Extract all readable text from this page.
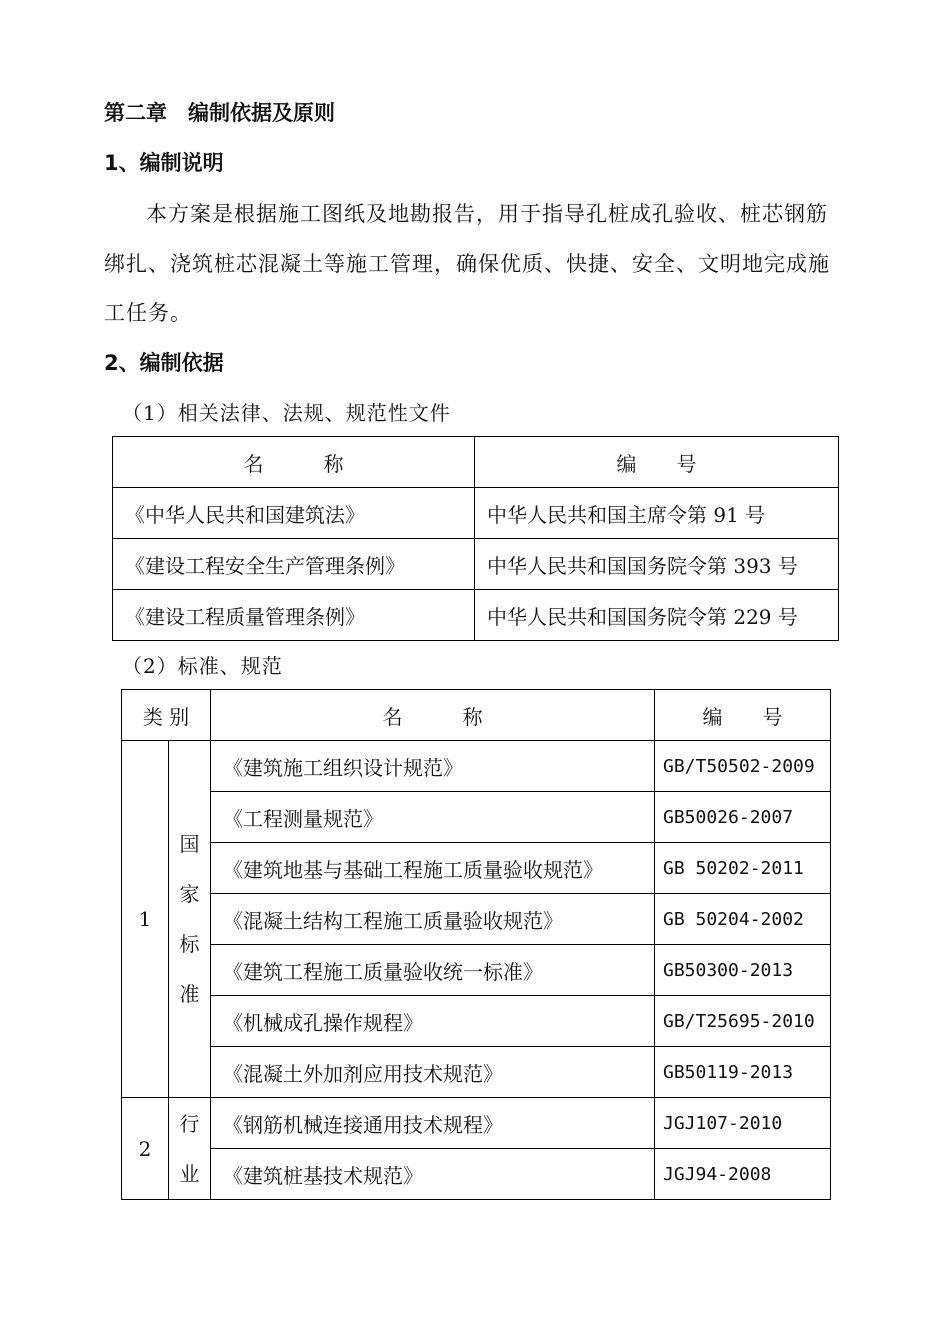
第二章　编制依据及原则
1、编制说明
本方案是根据施工图纸及地勘报告，用于指导孔桩成孔验收、桩芯钢筋
绑扎、浇筑桩芯混凝土等施工管理，确保优质、快捷、安全、文明地完成施
工任务。
2、编制依据
（1）相关法律、法规、规范性文件
名　　　称	编　　号
《中华人民共和国建筑法》	中华人民共和国主席令第 91 号
《建设工程安全生产管理条例》	中华人民共和国国务院令第 393 号
《建设工程质量管理条例》	中华人民共和国国务院令第 229 号
（2）标准、规范
类 别		名　　　称	编　　号
1	国家标准	《建筑施工组织设计规范》	GB/T50502-2009
		《工程测量规范》	GB50026-2007
		《建筑地基与基础工程施工质量验收规范》	GB 50202-2011
		《混凝土结构工程施工质量验收规范》	GB 50204-2002
		《建筑工程施工质量验收统一标准》	GB50300-2013
		《机械成孔操作规程》	GB/T25695-2010
		《混凝土外加剂应用技术规范》	GB50119-2013
2	行业	《钢筋机械连接通用技术规程》	JGJ107-2010
		《建筑桩基技术规范》	JGJ94-2008
